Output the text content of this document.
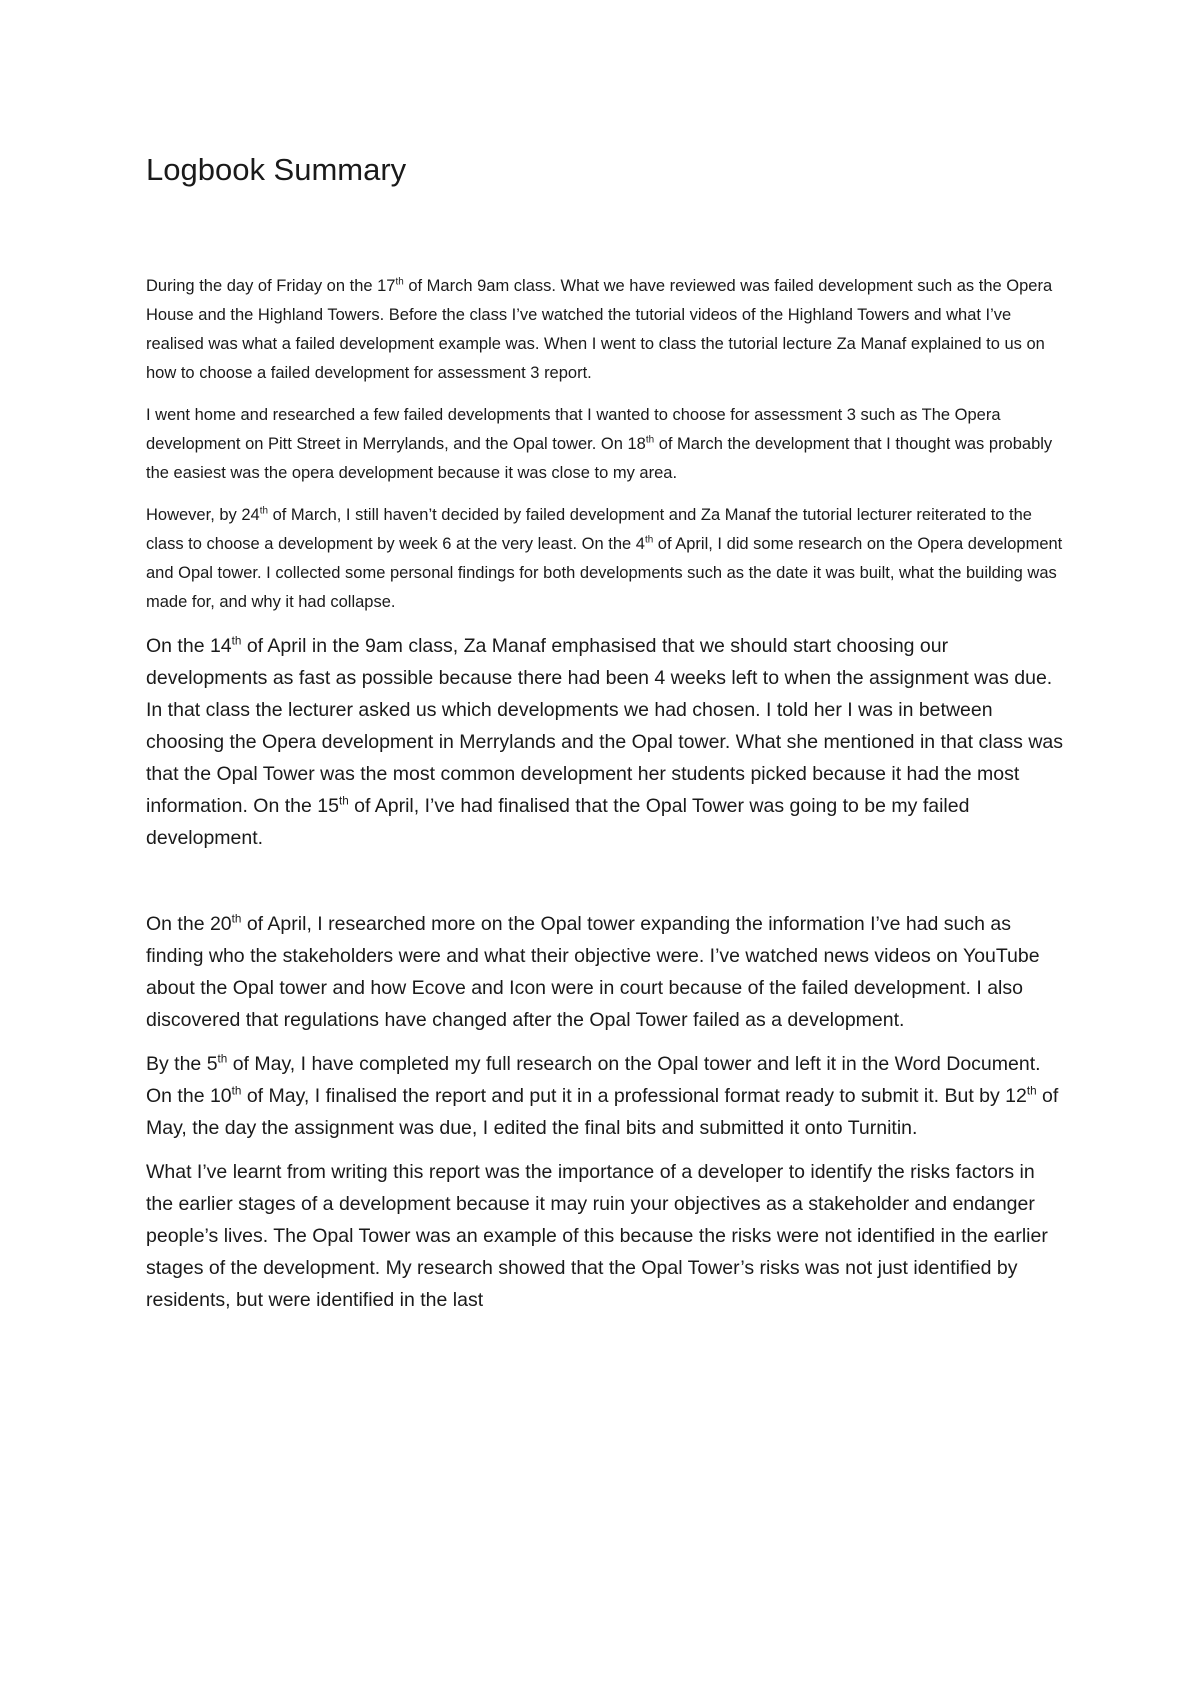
Logbook Summary

During the day of Friday on the 17th of March 9am class. What we have reviewed was failed development such as the Opera House and the Highland Towers. Before the class I’ve watched the tutorial videos of the Highland Towers and what I’ve realised was what a failed development example was. When I went to class the tutorial lecture Za Manaf explained to us on how to choose a failed development for assessment 3 report.

I went home and researched a few failed developments that I wanted to choose for assessment 3 such as The Opera development on Pitt Street in Merrylands, and the Opal tower. On 18th of March the development that I thought was probably the easiest was the opera development because it was close to my area.

However, by 24th of March, I still haven’t decided by failed development and Za Manaf the tutorial lecturer reiterated to the class to choose a development by week 6 at the very least. On the 4th of April, I did some research on the Opera development and Opal tower. I collected some personal findings for both developments such as the date it was built, what the building was made for, and why it had collapse.

On the 14th of April in the 9am class, Za Manaf emphasised that we should start choosing our developments as fast as possible because there had been 4 weeks left to when the assignment was due. In that class the lecturer asked us which developments we had chosen. I told her I was in between choosing the Opera development in Merrylands and the Opal tower. What she mentioned in that class was that the Opal Tower was the most common development her students picked because it had the most information. On the 15th of April, I’ve had finalised that the Opal Tower was going to be my failed development.

On the 20th of April, I researched more on the Opal tower expanding the information I’ve had such as finding who the stakeholders were and what their objective were. I’ve watched news videos on YouTube about the Opal tower and how Ecove and Icon were in court because of the failed development. I also discovered that regulations have changed after the Opal Tower failed as a development.

By the 5th of May, I have completed my full research on the Opal tower and left it in the Word Document. On the 10th of May, I finalised the report and put it in a professional format ready to submit it. But by 12th of May, the day the assignment was due, I edited the final bits and submitted it onto Turnitin.

What I’ve learnt from writing this report was the importance of a developer to identify the risks factors in the earlier stages of a development because it may ruin your objectives as a stakeholder and endanger people’s lives. The Opal Tower was an example of this because the risks were not identified in the earlier stages of the development. My research showed that the Opal Tower’s risks was not just identified by residents, but were identified in the last
